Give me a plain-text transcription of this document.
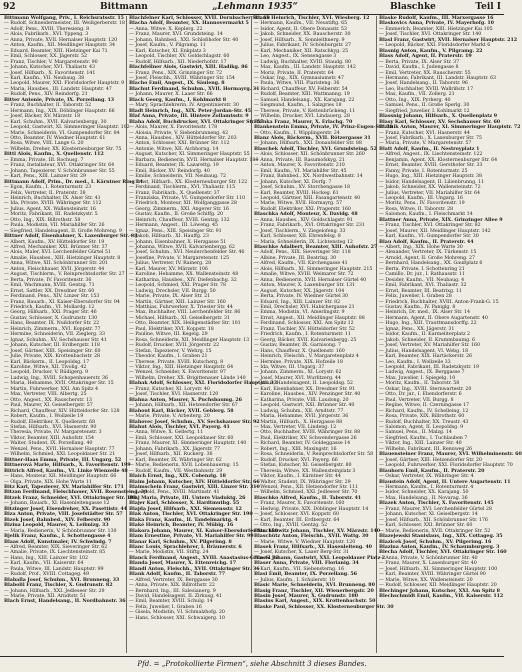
92	Bittmann	„Lehmann 1935“	Blaschke	Teil I
Bittmann Wolfgang, Priv., I. Reichsratsstr. 15
— Rudolf, Schneidermeister, III. Weißgerberstr. 18
— Adolf, Pens., XVIII. Theresieng. 8
— Alois, Fabrikarb., XVI. Yppeng. 3
— Anna, Private, XVII. Hernalser Hauptstr. 120
— Anton, Kaufm., XII. Meidlinger Hauptstr. 34
— Eduard, Beamter, XIII. Hietzinger Kai 71
— Emil, Schlosser, XX. Jägerstr. 52
— Franz, Tischler, V. Margaretenstr. 90
— Johann, Kutscher, XVI. Thaliastr. 43
— Josef, Hilfsarb., X. Favoritenstr. 141
— Karl, Kaufm., VII. Neubaug. 38
— Leopold, Maurer, XXI. Floridsdorfer Hauptstr. 9
— Maria, Hausbes., III. Landstr. Hauptstr. 47
— Rudolf, Pens., XIV. Reindorfg. 21
Bitter Antonie, Private, IX. Porzellang. 13
— Franz, Buchhalter, II. Taborstr. 52
— Hermann, Ing., XIX. Döblinger Hauptstr. 66
— Josef, Bäcker, XV. Märzstr. 18
— Karl, Schuhm., XVII. Kalvarienbergg. 30
— Leopold, Gastwirt, XI. Simmeringer Hauptstr. 102
— Marie, Schneiderin, VI. Gumpendorfer Str. 84
— Otto, Beamter, IV. Wiedner Hauptstr. 61
— Rosa, Witwe, VIII. Lange G. 20
— Wilhelm, Dreher, XX. Klosterneuburger Str. 75
Bittl Alois, Kaufm., X. Quellenstr. 112
— Emma, Private, III. Rochusg. 7
— Franz, Installateur, XVI. Ottakringer Str. 64
— Johann, Tapezierer, V. Schönbrunner Str. 55
— Karl, Pens., XIII. Lainzer Str. 29
Bittmann Adolf, Prim., Dr. med., I. Kärntner Ring 14
— Egon, Kaufm., I. Rotenturmstr. 23
— Felix, Vertreter, II. Praterstr. 38
— Heinrich, Buchhalter, IX. Alser Str. 41
— Ida, Private, XVIII. Währinger Str. 112
— Julius, Agent, XX. Wallensteinstr. 16
— Moritz, Fabrikant, III. Radetzkystr. 5
— Otto, Ing., XIX. Billrothstr. 58
— Paula, Modistin, VII. Mariahilfer Str. 26
— Siegfried, Handelsagent, II. Große Mohreng. 9
Bittner Adolf, Eisenbahner, X. Laxenburger Str. 88
— Albert, Kaufm., XV. Hütteldorfer Str. 19
— Alfred, Mechaniker, XXI. Brünner Str. 37
— Alois, Maler, XVI. Lerchenfelder Gürtel 51
— Amalie, Hausbes., XIII. Hietzinger Hauptstr. 8
— Anna, Witwe, XII. Schönbrunner Str. 201
— Anton, Fleischhauer, XVII. Jörgerstr. 44
— August, Tischlerm., V. Reinprechtsdorfer Str. 27
— Berta, Private, IV. Favoritenstr. 36
— Emil, Wachmann, XVIII. Gentzg. 71
— Ernst, Sattler, XX. Dresdner Str. 60
— Ferdinand, Pens., XIV. Linzer Str. 153
— Franz, Bauarb., XI. Kaiser-Ebersdorfer Str. 94
— Friedrich, Kaufm., VI. Mollardg. 12
— Georg, Hilfsarb., XXI. Prager Str. 46
— Gustav, Schlosser, X. Gudrunstr. 130
— Hans, Beamter, IX. Nußdorfer Str. 22
— Heinrich, Zimmerm., XVI. Koppstr. 77
— Hermine, Schneiderin, VII. Zieglerg. 33
— Ignaz, Schuhm., XV. Sechshauser Str. 41
— Johann, Kutscher, III. Erdbergstr. 118
— Josef, Gärtner, XIII. Speisinger Str. 60
— Julie, Private, XIX. Krottenbachstr. 28
— Karl, Bäckerm., II. Leopoldsg. 17
— Karoline, Witwe, XII. Tivolig. 42
— Leopold, Drucker, V. Rüdigerg. 9
— Ludwig, Ing., XVIII. Schopenhauerstr. 36
— Maria, Hebamme, XVII. Ottakringer Str. 15
— Martin, Fuhrwerker, XXI. Am Spitz 4
— Max, Vertreter, VIII. Albertg. 25
— Otto, Angest., XX. Rauscherstr. 13
— Paul, Maurer, XI. Geiselbergstr. 57
— Richard, Chauffeur, XIV. Hütteldorfer Str. 128
— Robert, Kaufm., I. Wollzeile 19
— Rudolf, Elektriker, X. Quellenstr. 68
— Stefan, Hilfsarb., XVI. Hasnerstr. 90
— Theresia, Private, IV. Margaretenstr. 3
— Viktor, Beamter, XIII. Auhofstr. 154
— Walter, Student, IX. Porzellang. 40
— Wenzel, Pens., XVII. Hernalser Hauptstr. 77
— Wilhelm, Schmied, XXI. Leopoldauer Str. 21
Bittner-Haas Emma, Private, III. Ungarg. 52
Bittnerová Marie, Hilfsarb., X. Favoritenstr. 199
Bittrich Alfred, Kaufm., VI. Linke Wienzeile 48
— Hans, Monteur, XII. Meidlinger Hauptstr. 66
— Olga, Private, XIX. Hohe Warte 11
Bitz Karl, Tapezierer, XV. Mariahilfer Str. 171
Bitzan Ferdinand, Fleischhauer, XVII. Rosensteing. 30
Bitzek Franz, Schneider, XVI. Ottakringer Str. 108
— Johann, Bauarb., XI. Hasenleitengasse 12
Bitzinger Josef, Eisendreher, XX. Pasettistr. 44
Biza Anton, Private, VIII. Josefstädter Str. 57
Bizek Josef, Bahnbed., XIV. Felberstr. 90
Bizina Leopold, Maurer, X. Leibnizg. 33
— Maria, Bedienerin, V. Schönbrunner Str. 130
Bjelik Franz, Kaufm., I. Schottengasse 4
Blaas Adolf, Kunstmaler, IV. Schwindg. 7
— Alfred, Beamter, XIX. Sieveringer Str. 62
— Amalie, Private, IX. Liechtensteinstr. 85
— Hans, Ing., XIII. Lainzer Str. 102
— Karl, Kaufm., VII. Kaiserstr. 64
— Paula, Witwe, III. Landstr. Hauptstr. 99
— Rudolf, Prof., XVIII. Cottageg. 49
Blaballa Josef, Schuhm., XVI. Brunneng. 33
Blabolil Franz, Tischler, X. Gudrunstr. 82
— Johann, Hilfsarb., XXI. Jedleseer Str. 29
— Marie, Private, XII. Arndtstr. 51
Blach Ernst, Handelsang., II. Nordbahnstr. 36
Blachfelner Karl, Schlosser, XVII. Dornbacher Str. 19
Blacha Adolf, Beamter, XX. Hannovermarkt 5
— Anna, Witwe, X. Keplerg. 22
— Franz, Maurer, XVI. Grundsteing. 14
— Johann, Bahnbed., XXI. Schloßhofer Str. 40
— Josef, Kaufm., V. Pilgramg. 11
— Karl, Kutscher, XI. Enkplatz 3
— Leopold, Tischler, XV. Goldschlagstr. 60
— Rudolf, Hilfsarb., XII. Niederhofstr. 17
Blachfellner Alois, Gastwirt, XIII. Hadikg. 86
— Franz, Pens., XIX. Grinzinger Str. 72
— Josef, Fleischh., XVIII. Währinger Str. 154
Blacho Emil, Angest., IX. Säuleng. 8
Blachut Ferdinand, Schuhm., XVII. Hormayrg. 31
— Johann, Maurer, X. Laaer Str. 66
Black Georg, Kaufm., I. Kohlmarkt 8
— Mary, Sprachlehrerin, IV. Argentinierstr. 30
Bladt Heinrich, Ing., XIX. Peter-Jordan-Str. 45
Blaf Anna, Private, III. Hintere Zollamtsstr. 9
Blaha Adolf, Buchdrucker, XVI. Ottakringer Str. 57
— Alois, Maurer, X. Favoritenstr. 178
— Aloisia, Private, V. Siebenbrunneng. 42
— Anna, Hausbes., XIV. Hütteldorfer Str. 203
— Anton, Schlosser, XXI. Brünner Str. 112
— Antonie, Witwe, XII. Aichhorng. 14
— August, Kutscher, XI. Simmeringer Hauptstr. 55
— Barbara, Bedienerin, XVII. Hernalser Hauptstr. 188
— Eduard, Beamter, IX. Lazarettg. 19
— Emil, Bäcker, XV. Reindorfg. 40
— Emilie, Schneiderin, VII. Neubaug. 72
— Ernst, Hilfsarb., XX. Klosterneuburger Str. 122
— Ferdinand, Tischlerm., XVI. Thaliastr. 115
— Franz, Fabrikarb., X. Quellenstr. 37
— Franziska, Private, VI. Gumpendorfer Str. 110
— Friedrich, Monteur, XII. Wolfganggasse 28
— Georg, Zimmerm., XXI. Angerer Str. 16
— Gustav, Kaufm., II. Große Schiffg. 20
— Heinrich, Chauffeur, XVIII. Gentzg. 132
— Hermann, Angest., III. Löweng. 45
— Ignaz, Pens., XIII. Speisinger Str. 91
— Jakob, Hilfsarb., XI. Hauffg. 23
— Johann, Eisenbahner, X. Herzgasse 51
— Johanna, Witwe, XVII. Kalvarienbergg. 62
— Josef, Schuhm., XVI. Neulerchenfelder Str. 46
— Josefine, Private, V. Margaretenstr. 125
— Julius, Vertreter, IV. Rainerg. 28
— Karl, Maurer, XV. Märzstr. 106
— Karoline, Hebamme, XX. Wallensteinstr. 48
— Katharina, Hausbes., XIV. Diefenbachg. 32
— Leopold, Schmied, XXI. Prager Str. 78
— Ludwig, Drechsler, VII. Burgg. 50
— Marie, Private, IX. Alser Str. 21
— Martin, Gärtner, XIII. Lainzer Str. 160
— Matthias, Fuhrwerker, X. Triester Str. 44
— Max, Buchhalter, VIII. Lerchenfelder Str. 86
— Michael, Hilfsarb., XI. Geiselbergstr. 31
— Otto, Beamter, XIX. Heiligenstädter Str. 101
— Paul, Elektriker, XVI. Koppstr. 18
— Pauline, Witwe, III. Kegelg. 29
— Rosa, Schneiderin, XII. Meidlinger Hauptstr. 13
— Rudolf, Drucker, XVII. Jörgerstr. 22
— Stefan, Tapezierer, V. Wehrg. 15
— Theodor, Kaufm., I. Graben 21
— Therese, Private, XVIII. Kutscherg. 8
— Viktor, Ing., XIII. Hietzinger Hauptstr. 64
— Wenzel, Schneider, X. Favoritenstr. 97
— Wilhelm, Dreher, XX. Brigittenauer Lände 140
Blahak Adolf, Schlosser, XXI. Floridsdorfer Hauptstr. 33
— Franz, Kutscher, XI. Lorystr. 40
— Josef, Tischler, XVI. Hasnerstr. 120
Blahna Anton, Maurer, X. Puchsbaumg. 26
— Johann, Hilfsarb., XII. Hetzendorfer Str. 67
Blahout Karl, Bäcker, XVII. Geblerg. 58
— Marie, Private, V. Arbeiterg. 20
Blahovec Josef, Schuhm., XV. Sechshauser Str. 92
Blahut Alois, Tischler, XVI. Payerg. 41
— Anna, Witwe, X. Gellertg. 11
— Emil, Schlosser, XXI. Leopoldauer Str. 60
— Franz, Maurer, XI. Simmeringer Hauptstr. 140
— Johann, Fabrikarb., XX. Jägerstr. 77
— Josef, Hilfsarb., XII. Ruckerg. 36
— Karl, Beamter, IX. Währinger Str. 62
— Marie, Bedienerin, XVII. Lobenhauerng. 15
— Rudolf, Kaufm., VII. Westbahnstr. 29
Blaich Ernst, Ing., XIX. Cobenzlg. 18
Blaim Johann, Kutscher, XIV. Hütteldorfer Str. 66
Blaimschein Franz, Gastwirt, XIII. Linzer Str. 310
— Leopold, Pens., XVIII. Martinstr. 41
Blaj Maria, Private, III. Untere Viaduktg. 26
Blajer Karl, Schlosser, X. Hardtmuthg. 55
Blajda Josef, Hilfsarb., XXI. Siemensstr. 12
Blak Anton, Tischler, XVI. Ottakringer Str. 190
Blaka Franz, Kaufm., II. Tandelmarktg. 4
Blaké Heinrich, Beamter, IV. Mühlg. 16
Blakora Johann, Maurer, XI. Kaiser-Ebersdorfer Str. 150
Blam Ernestine, Private, VI. Mariahilfer Str. 99
Blanar Karl, Schuhm., XV. Pilgerimg. 8
Blanc Louis, Sprachlehrer, I. Bräunerstr. 6
— Marie, Modistin, VII. Stiftg. 24
Blanck Ferdinand, Angest., XVIII. Anastasius-Grün-G. 33
Blanda Josef, Maurer, X. Ettenreichg. 17
Blandl Anton, Fleischh., XVII. Ottakringer Str. 36
Blank Adolf, Kaufm., II. Taborstr. 77
— Alfred, Vertreter, IX. Berggasse 30
— Anna, Private, XIX. Billrothstr. 22
— Bernhard, Ing., III. Salesianerg. 9
— David, Handelsagent, II. Zirkusg. 41
— Emil, Beamter, XVIII. Schulg. 14
— Felix, Juwelier, I. Graben 16
— Gisela, Modistin, VI. Schmalzhofg. 20
— Hans, Schlosser, XXI. Schwaigerg. 10
Blank Heinrich, Tischler, XVI. Wiesberg. 12
— Hermann, Kaufm., VII. Neustiftg. 65
— Isidor, Agent, II. Obere Donaustr. 53
— Jakob, Schneider, XX. Rauscherstr. 30
— Josef, Hilfsarb., X. Sonnleithnerg. 9
— Julius, Fabrikant, IV. Schönburgstr. 27
— Karl, Mechaniker, XII. Ratschkyg. 25
— Leo, Angest., IX. Sensengasse 3
— Ludwig, Buchhalter, XVIII. Staudg. 80
— Max, Kaufm., III. Landstr. Hauptstr. 142
— Moriz, Private, II. Praterstr. 64
— Oskar, Ing., XIX. Gymnasiumstr. 47
— Paula, Witwe, VIII. Piaristeng. 36
— Richard, Chauffeur, XV. Felberstr. 54
— Rudolf, Beamter, XIII. Wattmanng. 19
— Samuel, Handelsang., XX. Karajang. 22
— Siegmund, Kaufm., I. Salzgries 18
— Therese, Private, V. Kettenbrückeng. 11
— Wilhelm, Drucker, XVI. Lindauerg. 28
Blanka Franz, Maurer, X. Erlachg. 70
Blankenstein Emma, Private, IV. Prinz-Eugen-Str. 58
— Otto, Kaufm., I. Wipplingerstr. 24
Blanz Alois, Bäckerm., XVII. Rötzergasse 31
— Johann, Hilfsarb., XXI. Donaufelder Str. 88
Blaschek Adolf, Tischler, XVI. Grundsteing. 52
— Alois, Schlosser, XII. Schönbrunner Str. 260
— Anna, Private, III. Rasumofskyg. 21
— Anton, Maurer, X. Favoritenstr. 210
— Emil, Kaufm., VI. Mariahilfer Str. 45
— Franz, Bahnbed., XX. Nordwestbahnstr. 14
— Johann, Kutscher, XI. Dorfg. 7
— Josef, Schuhm., XV. Storchengasse 18
— Karl, Beamter, XVIII. Hockeg. 61
— Leopold, Gärtner, XIII. Fasangartenstr. 40
— Marie, Witwe, XVII. Hormayrg. 57
— Rudolf, Elektriker, XXI. Pragerstr. 160
Blaschka Adolf, Monteur, X. Davidg. 48
— Anna, Hausbes., XIV. Goldschlagstr. 91
— Franz, Fabrikarb., XVI. Ottakringer Str. 231
— Josef, Tischlerm., V. Ziegelofeng. 33
— Karl, Schlosser, XII. Ehrenfelsg. 8
— Maria, Schneiderin, IX. Lichtensteg 12
Blaschke Adalbert, Beamter, XIII. Auhofstr. 27
— Adolf, Pens., XIX. Sieveringer Str. 118
— Albine, Private, III. Beatrixg. 30
— Alfred, Kaufm., VII. Kirchengasse 41
— Alois, Hilfsarb., XI. Simmeringer Hauptstr. 215
— Amalie, Witwe, XVIII. Weimarer Str. 72
— Anna, Bedienerin, XVII. Hernalser Gürtel 40
— Anton, Maurer, X. Laxenburger Str. 131
— August, Kutscher, XX. Jägerstr. 104
— Berta, Private, IV. Wiedner Gürtel 30
— Eduard, Ing., XIII. Lainzer Str. 82
— Emil, Drechsler, XVI. Habichergasse 21
— Emma, Modistin, VI. Amerlingstr. 9
— Ernst, Angest., XII. Meidlinger Hauptstr. 88
— Ferdinand, Schlosser, XXI. Am Spitz 12
— Franz, Tischler, XV. Hütteldorfer Str. 52
— Friedrich, Kaufm., I. Rotenturmstr. 11
— Georg, Bäcker, XVII. Kalvarienbergg. 25
— Gustav, Beamter, IX. Garnisong. 7
— Hans, Chauffeur, X. Quellenstr. 160
— Heinrich, Fleischh., V. Margaretenplatz 4
— Hermine, Private, XIX. Hofzeile 18
— Ida, Witwe, III. Ungarg. 37
— Johann, Zimmerm., XI. Lorystr. 62
— Josef, Maurer, XVI. Wurlitzerg. 44
— Julius, Handelsagent, II. Leopoldsg. 52
— Karl, Eisenbahner, XX. Dresdner Str. 91
— Karoline, Hausbes., XIV. Penzinger Str. 40
— Katharina, Private, VIII. Laudong. 20
— Leopold, Gastwirt, XXI. Brünner Str. 40
— Ludwig, Schuhm., XII. Arndtstr. 77
— Maria, Hebamme, XVII. Jörgerstr. 36
— Martin, Hilfsarb., X. Herzgasse 88
— Max, Vertreter, VII. Lindeng. 12
— Otto, Buchhalter, XVIII. Währinger Str. 88
— Paul, Elektriker, XV. Schwendergasse 26
— Richard, Beamter, IV. Goldeggasse 14
— Robert, Ing., XIII. Maxingstr. 16
— Rosa, Schneiderin, V. Reinprechtsdorfer Str. 58
— Rudolf, Drucker, XVI. Payerg. 66
— Stefan, Kutscher, XI. Geiselbergstr. 80
— Theresia, Witwe, XX. Wallensteinplatz 3
— Viktor, Kaufm., I. Kärntner Str. 44
— Walter, Student, IX. Währinger Str. 29
— Wenzel, Pens., XII. Hetzendorfer Str. 111
— Wilhelm, Schmied, XXI. Jedleseer Str. 70
Blaschko Alfred, Kaufm., II. Taborstr. 41
— Franz, Maurer, X. Favoritenstr. 160
— Hedwig, Private, XIX. Döblinger Hauptstr. 14
— Josef, Schlosser, XVI. Koppstr. 60
— Karl, Beamter, III. Erdbergstr. 64
— Otto, Ing., XVIII. Gentzg. 52
Blaschkowitz Johann, Tischler, XV. Märzstr. 140
Blaschütz Anton, Fleischh., XVII. Wattg. 30
— Marie, Witwe, V. Wiedner Hauptstr. 120
Blasek Franz, Hilfsarb., XI. Hasenleiteng. 40
— Josef, Kutscher, X. Laaer Berg-Str. 31
Blasel Johann, Gastwirt, XXI. Leopoldauer Platz 2
Blaser Anna, Private, VIII. Florianig. 34
— Karl, Kaufm., VII. Siebensterng. 16
Blasi Emil, Beamter, IX. Porzellang. 56
— Julius, Kaufm., I. Schulerstr. 10
Blasic Marie, Schneiderin, XVI. Brunneng. 80
Blasig Franz, Tischler, XII. Wienerbergstr. 20
Blasin Josef, Maurer, X. Gudrunstr. 180
Blasius Karl, Angest., XIX. Krottenbachstr. 50
Blaske Paul, Schlosser, XX. Klosterneuburger Str. 30
Blaske Rudolf, Kaufm., III. Marxergasse 16
Blaskovics Anna, Private, IV. Mayerhofg. 10
— Emmerich, Beamter, XIII. Hietzinger Kai 105
— Josef, Tischler, XVI. Ottakringer Str. 140
Blasl Franz, Gastwirt, XVII. Hernalser Hauptstr. 212
— Leopold, Bäcker, XXI. Floridsdorfer Markt 6
Blasnig Anton, Kaufm., V. Pilgramg. 22
Blass Adolf, Agent, II. Praterstr. 19
— Berta, Private, IX. Alser Str. 37
— David, Kaufm., I. Judengasse 8
— Emil, Vertreter, XX. Rauscherstr. 55
— Hermann, Fabrikant, III. Landstr. Hauptstr. 63
— Josef, Handelsang., II. Taborstr. 96
— Leo, Buchhalter, XVIII. Wallrißstr. 17
— Max, Kaufm., VII. Zollerg. 21
— Otto, Ing., XIX. Pyrkerg. 40
— Samuel, Pens., II. Große Sperlg. 30
— Siegfried, Juwelier, I. Kohlmarkt 12
Blassnig Johann, Hilfsarb., X. Quellenplatz 9
Blasy Karl, Schlosser, XV. Sechshauser Str. 60
Blatnik Anton, Maurer, XI. Simmeringer Hauptstr. 72
— Franz, Kutscher, XVI. Hasnerstr. 44
— Josef, Fabrikarb., X. Laxenburger Str. 75
— Maria, Private, V. Margaretenstr. 57
Blatt Adolf, Kaufm., II. Nestroyplatz 1
— Alfred, Angest., IX. Liechtensteinstr. 122
— Benjamin, Agent, XX. Klosterneuburger Str. 64
— Ernst, Beamter, XVIII. Gersthofer Str. 33
— Fanny, Private, I. Rotenturmstr. 25
— Hugo, Ing., XIII. Hietzinger Hauptstr. 38
— Isidor, Handelsagent, II. Lilienbrunng. 11
— Jakob, Schneider, XX. Wallensteinstr. 72
— Julius, Vertreter, VII. Mariahilfer Str. 64
— Leopold, Kaufm., III. Ungarg. 16
— Moritz, Pens., IV. Favoritenstr. 19
— Rosa, Witwe, II. Taborstr. 28
— Salomon, Kaufm., I. Fleischmarkt 14
Blattner Anna, Private, XIX. Grinzinger Allee 9
— Franz, Tischler, XVI. Ottakringer Str. 82
— Josef, Maurer, XII. Meidlinger Hauptstr. 142
— Karl, Kaufm., VI. Gumpendorfer Str. 30
Blau Adolf, Kaufm., II. Praterstr. 44
— Albert, Ing., XIX. Hohe Warte 30
— Alexander, Vertreter, IX. Türkenstr. 15
— Arnold, Agent, II. Große Mohreng. 27
— Bernhard, Handelsang., XX. Gaußplatz 6
— Berta, Private, I. Schottenring 21
— Camillo, Dr. jur., I. Rathausstr. 11
— Desider, Kaufm., VII. Neubaug. 4
— Emil, Fabrikant, XVI. Thaliastr. 32
— Ernst, Beamter, III. Beatrixg. 11
— Felix, Juwelier, I. Graben 28
— Friedrich, Buchhalter, XVIII. Anton-Frank-G. 15
— Gustav, Kaufm., IV. Paniglg. 8
— Heinrich, Dr. med., IX. Alser Str. 14
— Hermann, Agent, II. Obere Augartenstr. 40
— Hugo, Ing., XIII. Trauttmansdorffg. 22
— Ignaz, Pens., XX. Jägerstr. 31
— Isidor, Kaufm., II. Karmeliterplatz 2
— Jakob, Schneider, II. Krummbaumg. 6
— Josef, Vertreter, XV. Mariahilfer Str. 160
— Julius, Handelsagent, VI. Webg. 18
— Karl, Beamter, XIX. Hartäckerstr. 26
— Leo, Kaufm., I. Wollzeile 33
— Leopold, Fabrikant, III. Radetzkystr. 19
— Ludwig, Angest., IX. Berggasse 7
— Max, Juwelier, I. Spiegelg. 10
— Moritz, Kaufm., II. Taborstr. 58
— Oskar, Ing., XVIII. Sternwartestr. 20
— Otto, Dr. jur., I. Ebendorferstr. 6
— Paul, Vertreter, VII. Burgg. 8
— Regine, Witwe, II. Czerningasse 17
— Richard, Kaufm., IV. Schelleing. 12
— Rosa, Private, XIX. Billrothstr. 60
— Rudolf, Buchhalter, XX. Treustr. 43
— Salomon, Agent, II. Leopoldsg. 9
— Samuel, Pens., II. Malzg. 14
— Siegfried, Kaufm., I. Tuchlauben 7
— Viktor, Ing., XIII. Lainzer Str. 40
— Wilhelm, Fabrikant, III. Rennweg 26
Blauensteiner Franz, Maurer, XVI. Wilhelminenstr. 60
— Josef, Gärtner, XIII. Hetzendorfer Str. 20
— Leopold, Fuhrwerker, XXI. Floridsdorfer Hauptstr. 70
Blauhorn Emil, Kaufm., II. Praterstr. 20
— Oskar, Vertreter, IX. Währinger Str. 4
Blaustein Adolf, Agent, II. Untere Augartenstr. 11
— Hermann, Kaufm., I. Rotenturmstr. 4
— Isidor, Schneider, XX. Karajang. 50
— Max, Handelsang., II. Novarag. 36
Blazek Anton, Tischler, X. Favoritenstr. 145
— Franz, Maurer, XVI. Lerchenfelder Gürtel 28
— Johann, Kutscher, XI. Geiselbergstr. 14
— Josef, Hilfsarb., XII. Schönbrunner Str. 176
— Karl, Schlosser, XXI. Brünner Str. 60
— Marie, Bedienerin, XVII. Ottakringer Str. 52
Blazejewski Stanislaus, Ing., XIX. Cottageg. 35
Blazicek Josef, Schuhm., XV. Pilgerimg. 16
Blazina Anton, Kaufm., IV. Schaumburgerg. 3
Blecha Adolf, Tischler, XVI. Ottakringer Str. 160
— Anna, Private, V. Schönbrunner Str. 40
— Franz, Maurer, X. Laxenburger Str. 40
— Josef, Hilfsarb., XI. Simmeringer Hauptstr. 100
— Karl, Beamter, XVIII. Währinger Gürtel 90
— Marie, Witwe, XX. Wallensteinstr. 20
— Rudolf, Schlosser, XII. Meidlinger Hauptstr. 20
Blechinger Johann, Kutscher, XXI. Am Spitz 8
Blechschmidt Emil, Kaufm., VII. Kaiserstr. 112
Pfd. = „Protokollierte Firmen“, siehe Abschnitt 3 dieses Bandes.
